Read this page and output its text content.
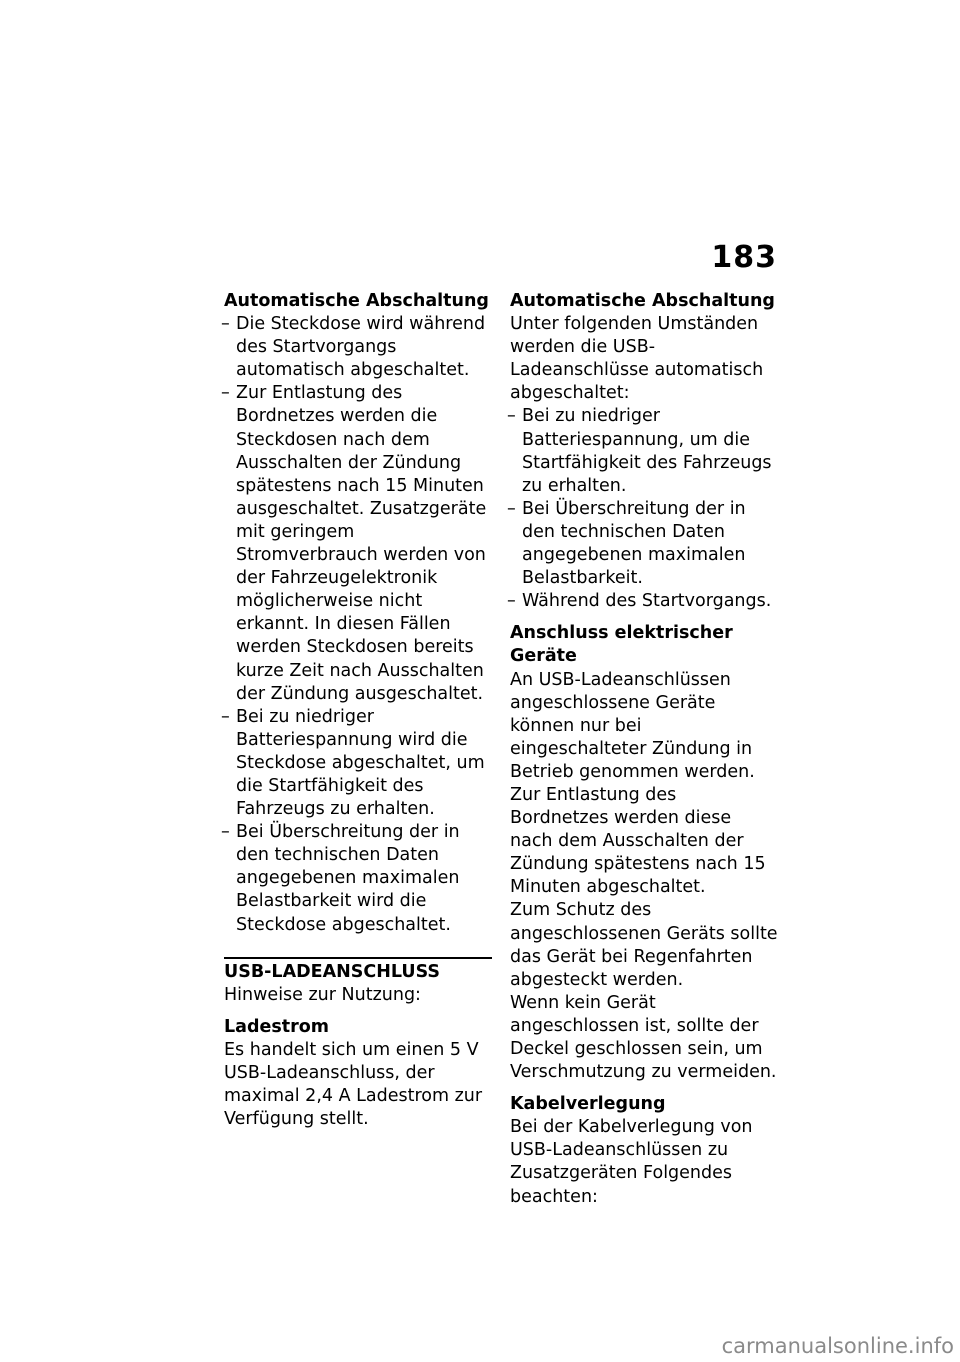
183

Automatische Abschaltung

– Die Steckdose wird während des Startvorgangs automatisch abgeschaltet.
– Zur Entlastung des Bordnetzes werden die Steckdosen nach dem Ausschalten der Zündung spätestens nach 15 Minuten ausgeschaltet. Zusatzgeräte mit geringem Stromverbrauch werden von der Fahrzeugelektronik möglicherweise nicht erkannt. In diesen Fällen werden Steckdosen bereits kurze Zeit nach Ausschalten der Zündung ausgeschaltet.
– Bei zu niedriger Batteriespannung wird die Steckdose abgeschaltet, um die Startfähigkeit des Fahrzeugs zu erhalten.
– Bei Überschreitung der in den technischen Daten angegebenen maximalen Belastbarkeit wird die Steckdose abgeschaltet.

USB-LADEANSCHLUSS

Hinweise zur Nutzung:

Ladestrom

Es handelt sich um einen 5 V USB-Ladeanschluss, der maximal 2,4 A Ladestrom zur Verfügung stellt.

Automatische Abschaltung

Unter folgenden Umständen werden die USB-Ladeanschlüsse automatisch abgeschaltet:

– Bei zu niedriger Batteriespannung, um die Startfähigkeit des Fahrzeugs zu erhalten.
– Bei Überschreitung der in den technischen Daten angegebenen maximalen Belastbarkeit.
– Während des Startvorgangs.

Anschluss elektrischer Geräte

An USB-Ladeanschlüssen angeschlossene Geräte können nur bei eingeschalteter Zündung in Betrieb genommen werden.

Zur Entlastung des Bordnetzes werden diese nach dem Ausschalten der Zündung spätestens nach 15 Minuten abgeschaltet.

Zum Schutz des angeschlossenen Geräts sollte das Gerät bei Regenfahrten abgesteckt werden.

Wenn kein Gerät angeschlossen ist, sollte der Deckel geschlossen sein, um Verschmutzung zu vermeiden.

Kabelverlegung

Bei der Kabelverlegung von USB-Ladeanschlüssen zu Zusatzgeräten Folgendes beachten:

carmanualsonline.info
